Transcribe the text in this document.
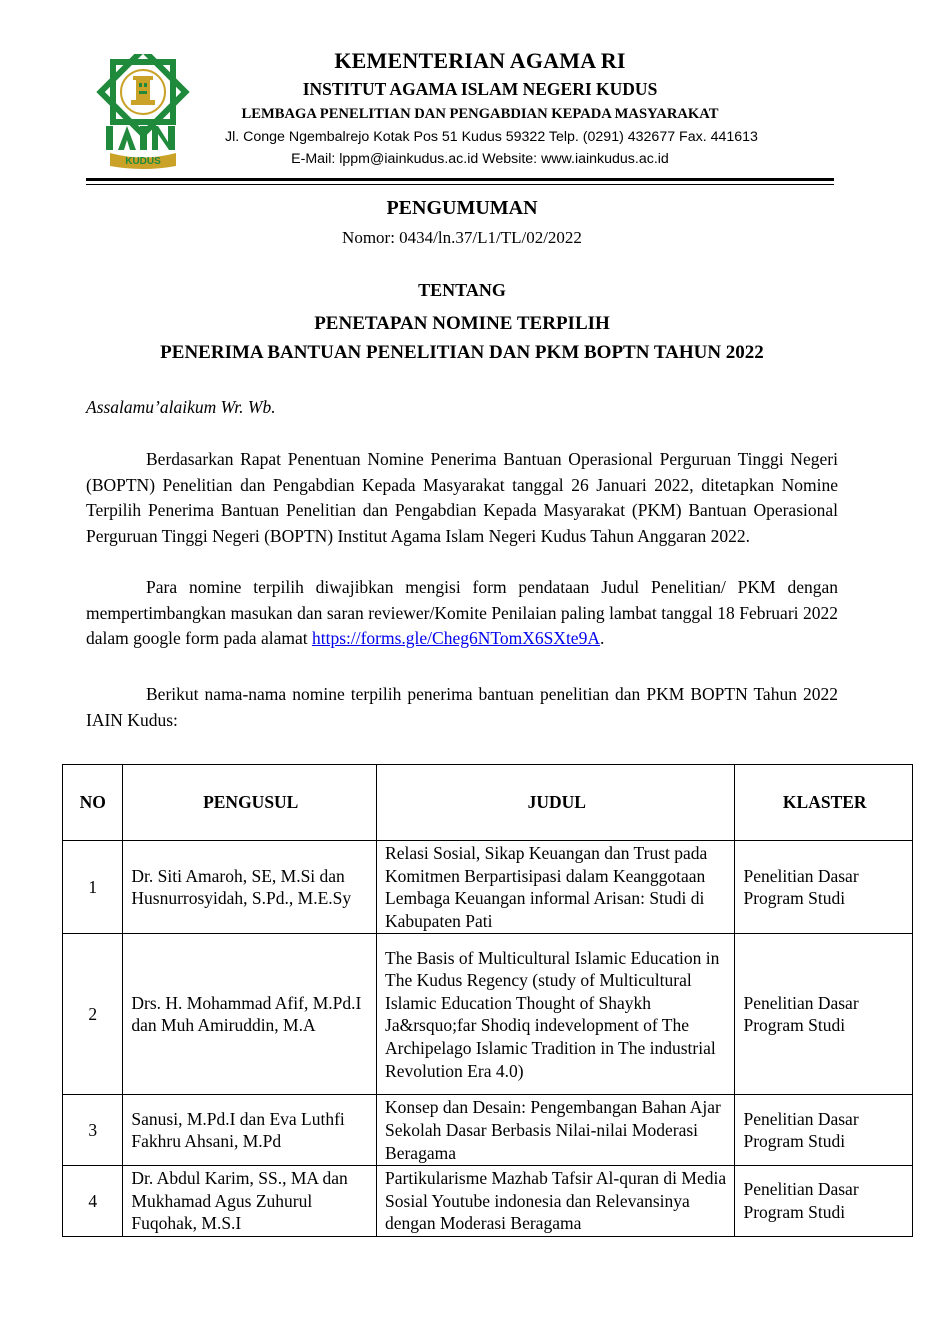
KUDUS
KEMENTERIAN AGAMA RI
INSTITUT AGAMA ISLAM NEGERI KUDUS
LEMBAGA PENELITIAN DAN PENGABDIAN KEPADA MASYARAKAT
Jl. Conge Ngembalrejo Kotak Pos 51 Kudus 59322 Telp. (0291) 432677 Fax. 441613
E-Mail: lppm@iainkudus.ac.id Website: www.iainkudus.ac.id
PENGUMUMAN
Nomor: 0434/ln.37/L1/TL/02/2022
TENTANG
PENETAPAN NOMINE TERPILIH
PENERIMA BANTUAN PENELITIAN DAN PKM BOPTN TAHUN 2022
Assalamu’alaikum Wr. Wb.

Berdasarkan Rapat Penentuan Nomine Penerima Bantuan Operasional Perguruan Tinggi Negeri (BOPTN) Penelitian dan Pengabdian Kepada Masyarakat tanggal 26 Januari 2022, ditetapkan Nomine Terpilih Penerima Bantuan Penelitian dan Pengabdian Kepada Masyarakat (PKM) Bantuan Operasional Perguruan Tinggi Negeri (BOPTN) Institut Agama Islam Negeri Kudus Tahun Anggaran 2022.

Para nomine terpilih diwajibkan mengisi form pendataan Judul Penelitian/ PKM dengan mempertimbangkan masukan dan saran reviewer/Komite Penilaian paling lambat tanggal 18 Februari 2022 dalam google form pada alamat https://forms.gle/Cheg6NTomX6SXte9A.

Berikut nama-nama nomine terpilih penerima bantuan penelitian dan PKM BOPTN Tahun 2022 IAIN Kudus:

NO	PENGUSUL	JUDUL	KLASTER
1	Dr. Siti Amaroh, SE, M.Si dan Husnurrosyidah, S.Pd., M.E.Sy	Relasi Sosial, Sikap Keuangan dan Trust pada Komitmen Berpartisipasi dalam Keanggotaan Lembaga Keuangan informal Arisan: Studi di Kabupaten Pati	Penelitian Dasar Program Studi
2	Drs. H. Mohammad Afif, M.Pd.I dan Muh Amiruddin, M.A	The Basis of Multicultural Islamic Education in The Kudus Regency (study of Multicultural Islamic Education Thought of Shaykh Ja&rsquo;far Shodiq indevelopment of The Archipelago Islamic Tradition in The industrial Revolution Era 4.0)	Penelitian Dasar Program Studi
3	Sanusi, M.Pd.I dan Eva Luthfi Fakhru Ahsani, M.Pd	Konsep dan Desain: Pengembangan Bahan Ajar Sekolah Dasar Berbasis Nilai-nilai Moderasi Beragama	Penelitian Dasar Program Studi
4	Dr. Abdul Karim, SS., MA dan Mukhamad Agus Zuhurul Fuqohak, M.S.I	Partikularisme Mazhab Tafsir Al-quran di Media Sosial Youtube indonesia dan Relevansinya dengan Moderasi Beragama	Penelitian Dasar Program Studi
